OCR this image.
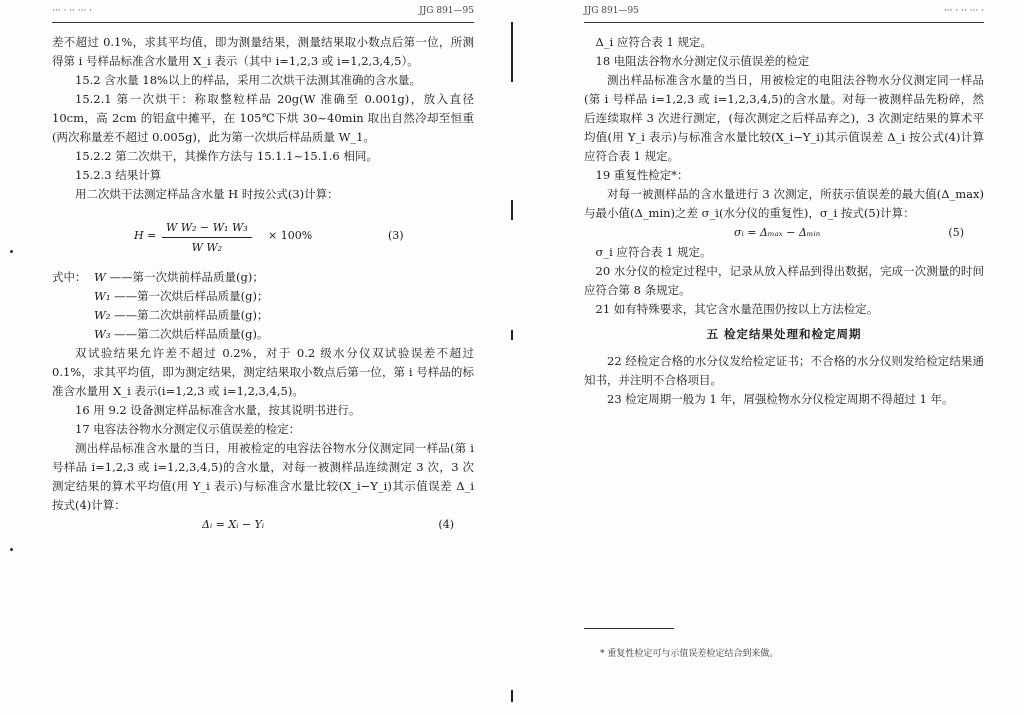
··· · ·· ··· ·	JJG 891—95

差不超过 0.1%，求其平均值，即为测量结果，测量结果取小数点后第一位，所测得第 i 号样品标准含水量用 X_i 表示（其中 i=1,2,3 或 i=1,2,3,4,5）。

15.2 含水量 18%以上的样品，采用二次烘干法测其准确的含水量。

15.2.1 第一次烘干：称取整粒样品 20g(W 准确至 0.001g)，放入直径 10cm，高 2cm 的铝盒中摊平，在 105℃下烘 30~40min 取出自然冷却至恒重(两次称量差不超过 0.005g)，此为第一次烘后样品质量 W_1。

15.2.2 第二次烘干，其操作方法与 15.1.1~15.1.6 相同。

15.2.3 结果计算

用二次烘干法测定样品含水量 H 时按公式(3)计算：

$H = \frac{\text{W W₂ − W₁ W₃}}{\text{W W₂}} \times 100\%$	(3)
式中： W ——第一次烘前样品质量(g)；
W₁ ——第一次烘后样品质量(g)；
W₂ ——第二次烘前样品质量(g)；
W₃ ——第二次烘后样品质量(g)。

双试验结果允许差不超过 0.2%，对于 0.2 级水分仪双试验误差不超过 0.1%，求其平均值，即为测定结果，测定结果取小数点后第一位，第 i 号样品的标准含水量用 X_i 表示(i=1,2,3 或 i=1,2,3,4,5)。

16 用 9.2 设备测定样品标准含水量，按其说明书进行。

17 电容法谷物水分测定仪示值误差的检定：

测出样品标准含水量的当日，用被检定的电容法谷物水分仪测定同一样品(第 i 号样品 i=1,2,3 或 i=1,2,3,4,5)的含水量，对每一被测样品连续测定 3 次，3 次测定结果的算术平均值(用 Y_i 表示)与标准含水量比较(X_i−Y_i)其示值误差 Δ_i 按式(4)计算：

Δᵢ = Xᵢ − Yᵢ	(4)
JJG 891—95	··· · ·· ··· ·

Δ_i 应符合表 1 规定。

18 电阻法谷物水分测定仪示值误差的检定

测出样品标准含水量的当日，用被检定的电阻法谷物水分仪测定同一样品(第 i 号样品 i=1,2,3 或 i=1,2,3,4,5)的含水量。对每一被测样品先粉碎，然后连续取样 3 次进行测定，(每次测定之后样品弃之)，3 次测定结果的算术平均值(用 Y_i 表示)与标准含水量比较(X_i−Y_i)其示值误差 Δ_i 按公式(4)计算应符合表 1 规定。

19 重复性检定*：

对每一被测样品的含水量进行 3 次测定，所获示值误差的最大值(Δ_max)与最小值(Δ_min)之差 σ_i(水分仪的重复性)，σ_i 按式(5)计算：

σᵢ = Δₘₐₓ − Δₘᵢₙ	(5)

σ_i 应符合表 1 规定。

20 水分仪的检定过程中，记录从放入样品到得出数据，完成一次测量的时间应符合第 8 条规定。

21 如有特殊要求，其它含水量范围仍按以上方法检定。

五 检定结果处理和检定周期

22 经检定合格的水分仪发给检定证书；不合格的水分仪则发给检定结果通知书，并注明不合格项目。

23 检定周期一般为 1 年，屑强检物水分仪检定周期不得超过 1 年。

* 重复性检定可与示值误差检定结合到来做。
